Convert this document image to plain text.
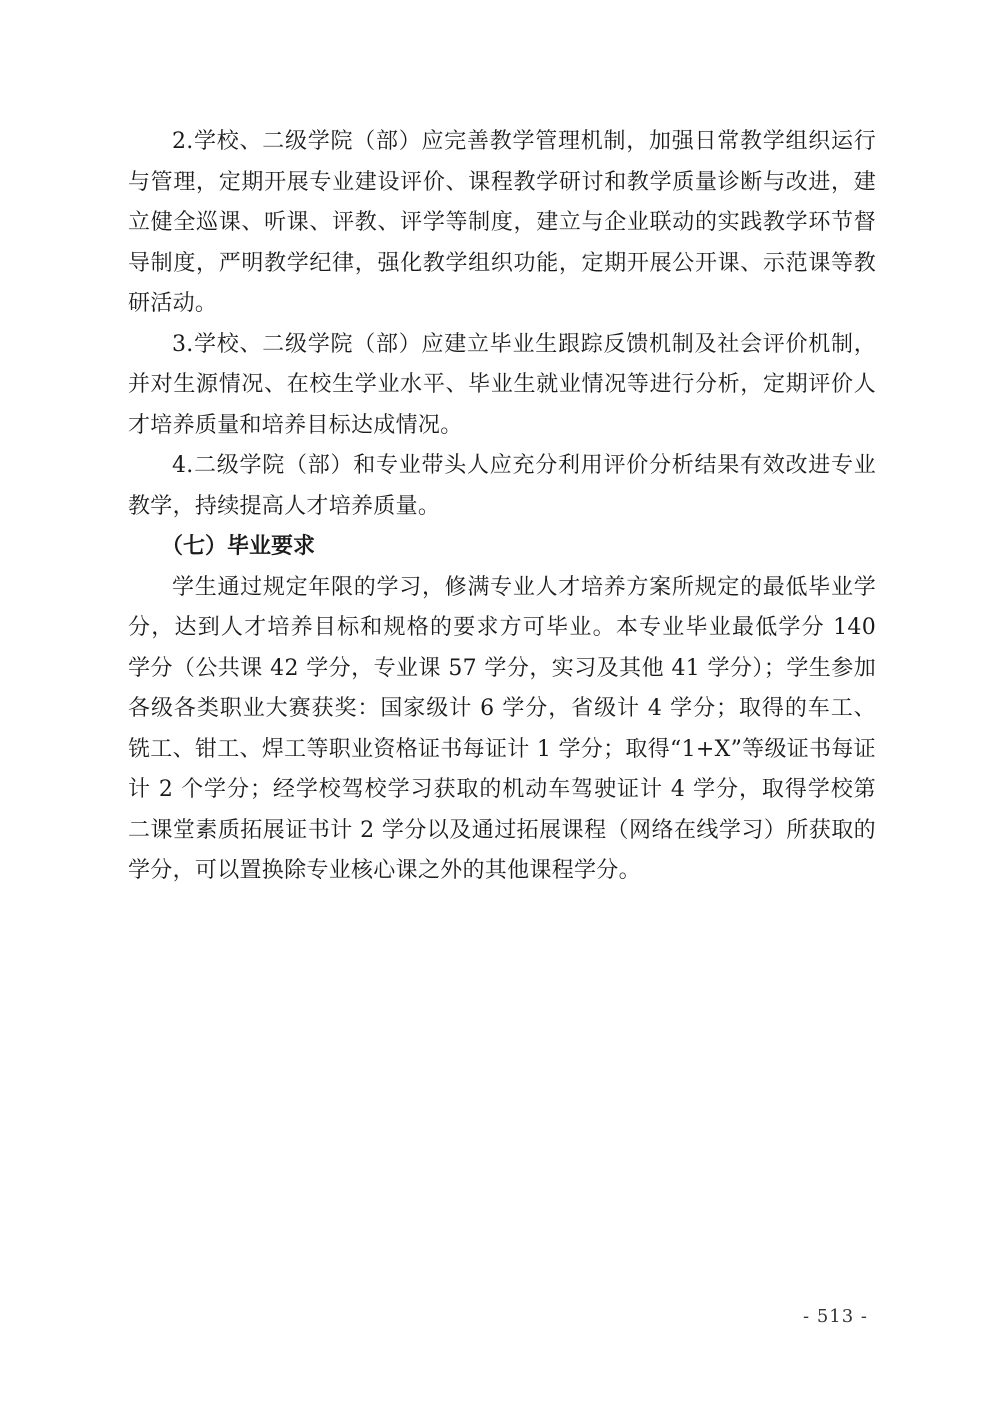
2.学校、二级学院（部）应完善教学管理机制，加强日常教学组织运行与管理，定期开展专业建设评价、课程教学研讨和教学质量诊断与改进，建立健全巡课、听课、评教、评学等制度，建立与企业联动的实践教学环节督导制度，严明教学纪律，强化教学组织功能，定期开展公开课、示范课等教研活动。

3.学校、二级学院（部）应建立毕业生跟踪反馈机制及社会评价机制，并对生源情况、在校生学业水平、毕业生就业情况等进行分析，定期评价人才培养质量和培养目标达成情况。

4.二级学院（部）和专业带头人应充分利用评价分析结果有效改进专业教学，持续提高人才培养质量。

（七）毕业要求

学生通过规定年限的学习，修满专业人才培养方案所规定的最低毕业学分，达到人才培养目标和规格的要求方可毕业。本专业毕业最低学分 140 学分（公共课 42 学分，专业课 57 学分，实习及其他 41 学分）；学生参加各级各类职业大赛获奖：国家级计 6 学分，省级计 4 学分；取得的车工、铣工、钳工、焊工等职业资格证书每证计 1 学分；取得“1+X”等级证书每证计 2 个学分；经学校驾校学习获取的机动车驾驶证计 4 学分，取得学校第二课堂素质拓展证书计 2 学分以及通过拓展课程（网络在线学习）所获取的学分，可以置换除专业核心课之外的其他课程学分。

- 513 -
